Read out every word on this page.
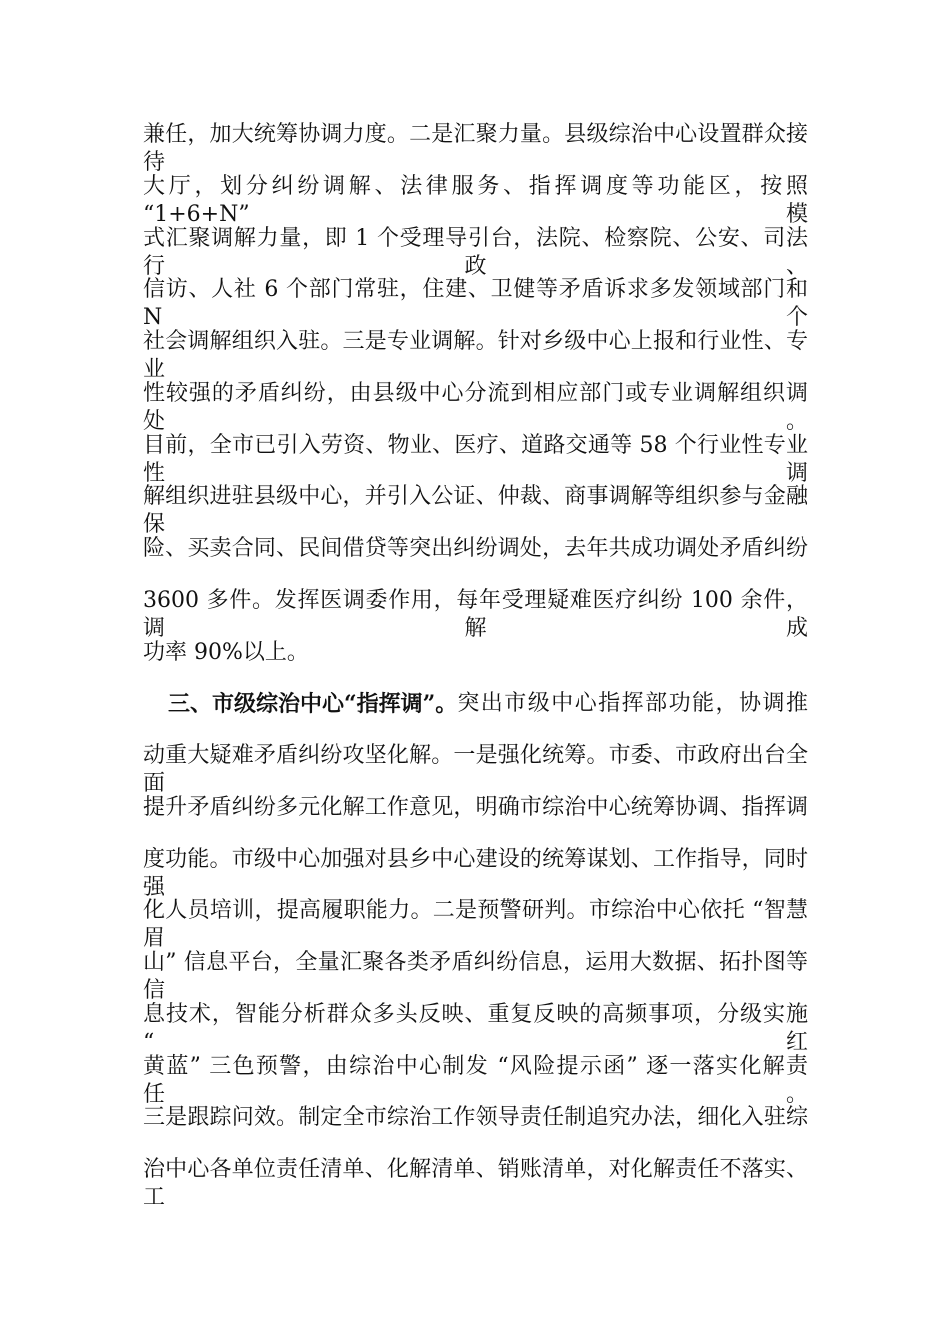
兼任，加大统筹协调力度。二是汇聚力量。县级综治中心设置群众接待
大厅，划分纠纷调解、法律服务、指挥调度等功能区，按照 “1+6+N” 模
式汇聚调解力量，即 1 个受理导引台，法院、检察院、公安、司法行政、
信访、人社 6 个部门常驻，住建、卫健等矛盾诉求多发领域部门和 N 个
社会调解组织入驻。三是专业调解。针对乡级中心上报和行业性、专业
性较强的矛盾纠纷，由县级中心分流到相应部门或专业调解组织调处。
目前，全市已引入劳资、物业、医疗、道路交通等 58 个行业性专业性调
解组织进驻县级中心，并引入公证、仲裁、商事调解等组织参与金融保
险、买卖合同、民间借贷等突出纠纷调处，去年共成功调处矛盾纠纷
3600 多件。发挥医调委作用，每年受理疑难医疗纠纷 100 余件，调解成
功率 90%以上。
三、市级综治中心“指挥调”。 突出市级中心指挥部功能，协调推
动重大疑难矛盾纠纷攻坚化解。一是强化统筹。市委、市政府出台全面
提升矛盾纠纷多元化解工作意见，明确市综治中心统筹协调、指挥调
度功能。市级中心加强对县乡中心建设的统筹谋划、工作指导，同时强
化人员培训，提高履职能力。二是预警研判。市综治中心依托 “智慧眉
山” 信息平台，全量汇聚各类矛盾纠纷信息，运用大数据、拓扑图等信
息技术，智能分析群众多头反映、重复反映的高频事项，分级实施 “红
黄蓝” 三色预警，由综治中心制发 “风险提示函” 逐一落实化解责任。
三是跟踪问效。制定全市综治工作领导责任制追究办法，细化入驻综
治中心各单位责任清单、化解清单、销账清单，对化解责任不落实、工
